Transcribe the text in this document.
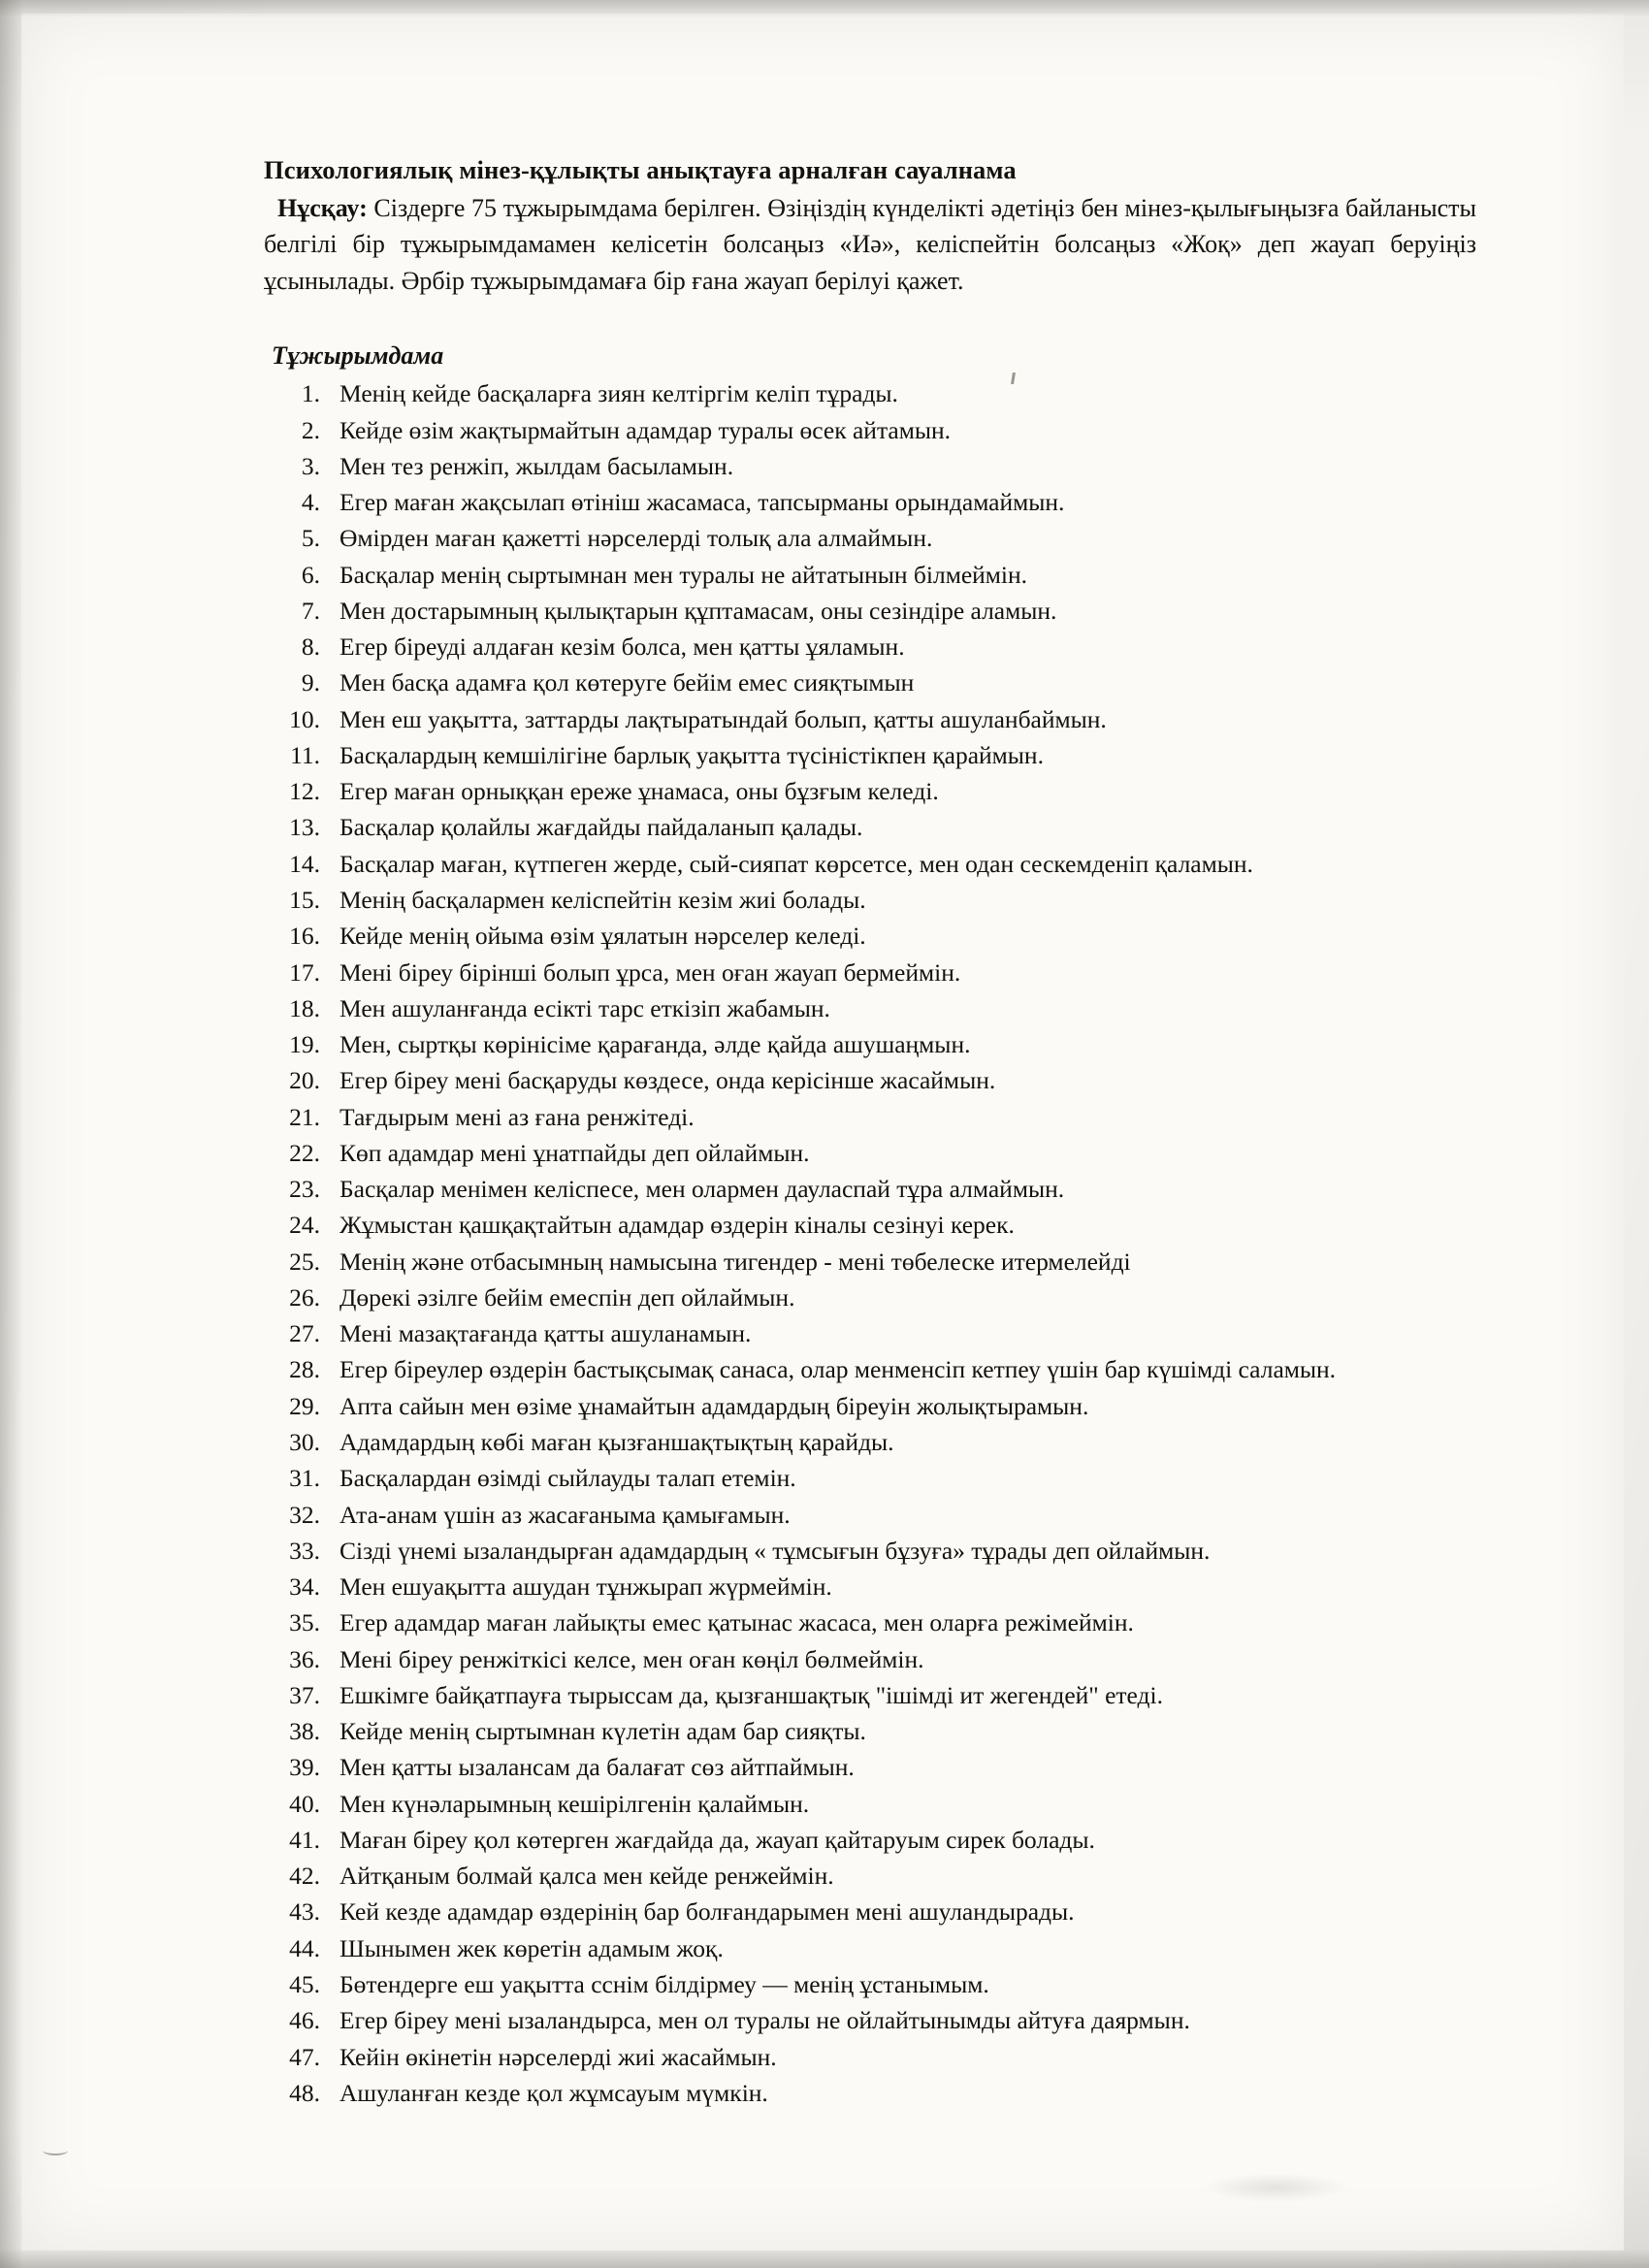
Психологиялық мінез-құлықты анықтауға арналған сауалнама

Нұсқау: Сіздерге 75 тұжырымдама берілген. Өзіңіздің күнделікті әдетіңіз бен мінез-қылығыңызға байланысты белгілі бір тұжырымдамамен келісетін болсаңыз «Иә», келіспейтін болсаңыз «Жоқ» деп жауап беруіңіз ұсынылады. Әрбір тұжырымдамаға бір ғана жауап берілуі қажет.

Тұжырымдама
1. Менің кейде басқаларға зиян келтіргім келіп тұрады.
2. Кейде өзім жақтырмайтын адамдар туралы өсек айтамын.
3. Мен тез ренжіп, жылдам басыламын.
4. Егер маған жақсылап өтініш жасамаса, тапсырманы орындамаймын.
5. Өмірден маған қажетті нәрселерді толық ала алмаймын.
6. Басқалар менің сыртымнан мен туралы не айтатынын білмеймін.
7. Мен достарымның қылықтарын құптамасам, оны сезіндіре аламын.
8. Егер біреуді алдаған кезім болса, мен қатты ұяламын.
9. Мен басқа адамға қол көтеруге бейім емес сияқтымын
10. Мен еш уақытта, заттарды лақтыратындай болып, қатты ашуланбаймын.
11. Басқалардың кемшілігіне барлық уақытта түсіністікпен қараймын.
12. Егер маған орныққан ереже ұнамаса, оны бұзғым келеді.
13. Басқалар қолайлы жағдайды пайдаланып қалады.
14. Басқалар маған, күтпеген жерде, сый-сияпат көрсетсе, мен одан сескемденіп қаламын.
15. Менің басқалармен келіспейтін кезім жиі болады.
16. Кейде менің ойыма өзім ұялатын нәрселер келеді.
17. Мені біреу бірінші болып ұрса, мен оған жауап бермеймін.
18. Мен ашуланғанда есікті тарс еткізіп жабамын.
19. Мен, сыртқы көрінісіме қарағанда, әлде қайда ашушаңмын.
20. Егер біреу мені басқаруды көздесе, онда керісінше жасаймын.
21. Тағдырым мені аз ғана ренжітеді.
22. Көп адамдар мені ұнатпайды деп ойлаймын.
23. Басқалар менімен келіспесе, мен олармен дауласпай тұра алмаймын.
24. Жұмыстан қашқақтайтын адамдар өздерін кіналы сезінуі керек.
25. Менің және отбасымның намысына тигендер - мені төбелеске итермелейді
26. Дөрекі әзілге бейім емеспін деп ойлаймын.
27. Мені мазақтағанда қатты ашуланамын.
28. Егер біреулер өздерін бастықсымақ санаса, олар менменсіп кетпеу үшін бар күшімді саламын.
29. Апта сайын мен өзіме ұнамайтын адамдардың біреуін жолықтырамын.
30. Адамдардың көбі маған қызғаншақтықтың қарайды.
31. Басқалардан өзімді сыйлауды талап етемін.
32. Ата-анам үшін аз жасағаныма қамығамын.
33. Сізді үнемі ызаландырған адамдардың « тұмсығын бұзуға» тұрады деп ойлаймын.
34. Мен ешуақытта ашудан тұнжырап жүрмеймін.
35. Егер адамдар маған лайықты емес қатынас жасаса, мен оларға режімеймін.
36. Мені біреу ренжіткісі келсе, мен оған көңіл бөлмеймін.
37. Ешкімге байқатпауға тырыссам да, қызғаншақтық "ішімді ит жегендей" етеді.
38. Кейде менің сыртымнан күлетін адам бар сияқты.
39. Мен қатты ызалансам да балағат сөз айтпаймын.
40. Мен күнәларымның кешірілгенін қалаймын.
41. Маған біреу қол көтерген жағдайда да, жауап қайтаруым сирек болады.
42. Айтқаным болмай қалса мен кейде ренжеймін.
43. Кей кезде адамдар өздерінің бар болғандарымен мені ашуландырады.
44. Шынымен жек көретін адамым жоқ.
45. Бөтендерге еш уақытта сснім білдірмеу — менің ұстанымым.
46. Егер біреу мені ызаландырса, мен ол туралы не ойлайтынымды айтуға даярмын.
47. Кейін өкінетін нәрселерді жиі жасаймын.
48. Ашуланған кезде қол жұмсауым мүмкін.
